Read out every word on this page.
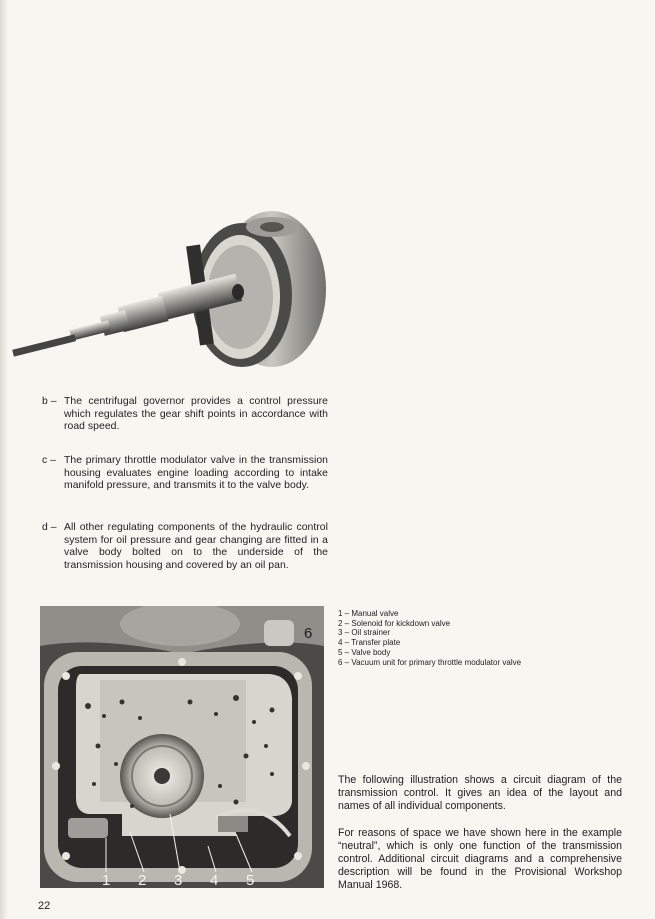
b – The centrifugal governor provides a control pressure which regulates the gear shift points in accordance with road speed.
c – The primary throttle modulator valve in the transmission housing evaluates engine loading according to intake manifold pressure, and transmits it to the valve body.
d – All other regulating components of the hydraulic control system for oil pressure and gear changing are fitted in a valve body bolted on to the underside of the transmission housing and covered by an oil pan.
1 2 3 4 5
6
1 – Manual valve
2 – Solenoid for kickdown valve
3 – Oil strainer
4 – Transfer plate
5 – Valve body
6 – Vacuum unit for primary throttle modulator valve
The following illustration shows a circuit diagram of the transmission control. It gives an idea of the layout and names of all individual components.
For reasons of space we have shown here in the example “neutral”, which is only one function of the transmission control. Additional circuit diagrams and a comprehensive description will be found in the Provisional Workshop Manual 1968.
22
